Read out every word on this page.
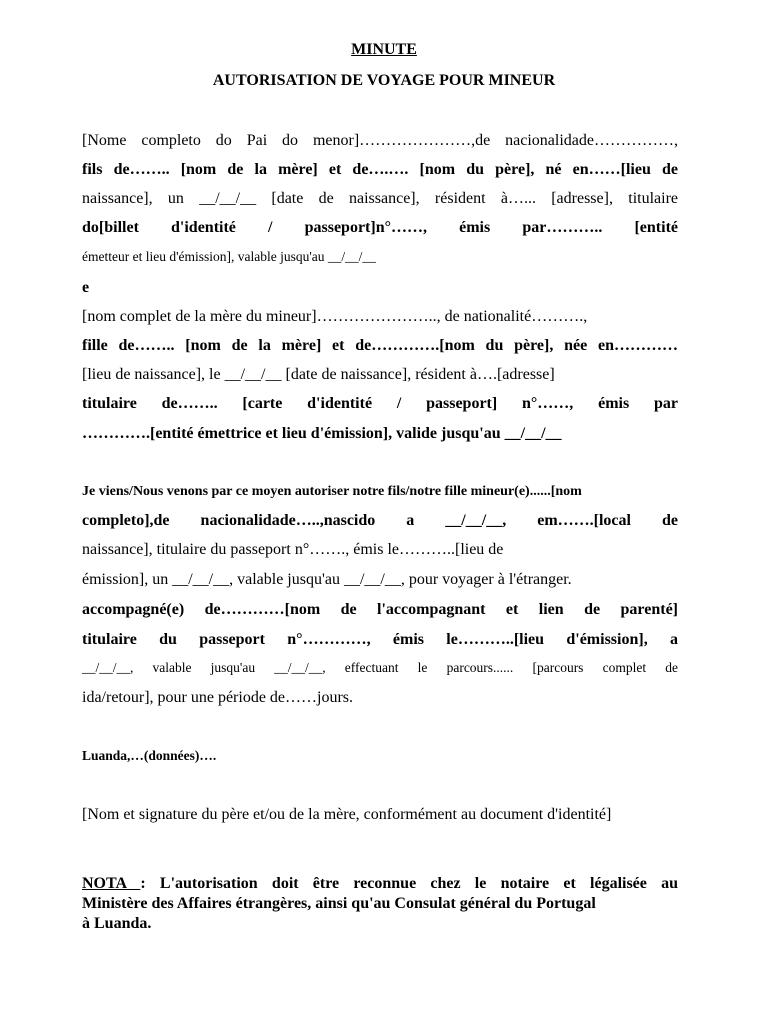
MINUTE

AUTORISATION DE VOYAGE POUR MINEUR

[Nome completo do Pai do menor]…………………,de nacionalidade……………,

fils de…….. [nom de la mère] et de….…. [nom du père], né en……[lieu de

naissance], un __/__/__ [date de naissance], résident à…... [adresse], titulaire

do[billet d'identité / passeport]n°……, émis par……….. [entité

émetteur et lieu d'émission], valable jusqu'au __/__/__

e

[nom complet de la mère du mineur]………………….., de nationalité……….,

fille de…….. [nom de la mère] et de………….[nom du père], née en…………

[lieu de naissance], le __/__/__ [date de naissance], résident à….[adresse]

titulaire de…….. [carte d'identité / passeport] n°……, émis par

………….[entité émettrice et lieu d'émission], valide jusqu'au __/__/__

Je viens/Nous venons par ce moyen autoriser notre fils/notre fille mineur(e)......[nom

completo],de nacionalidade…..,nascido a __/__/__, em…….[local de

naissance], titulaire du passeport n°……., émis le………..[lieu de

émission], un __/__/__, valable jusqu'au __/__/__, pour voyager à l'étranger.

accompagné(e) de…………[nom de l'accompagnant et lien de parenté]

titulaire du passeport n°…………, émis le………..[lieu d'émission], a

__/__/__, valable jusqu'au __/__/__, effectuant le parcours...... [parcours complet de

ida/retour], pour une période de……jours.

Luanda,…(données)….

[Nom et signature du père et/ou de la mère, conformément au document d'identité]

NOTA : L'autorisation doit être reconnue chez le notaire et légalisée au
Ministère des Affaires étrangères, ainsi qu'au Consulat général du Portugal
à Luanda.
